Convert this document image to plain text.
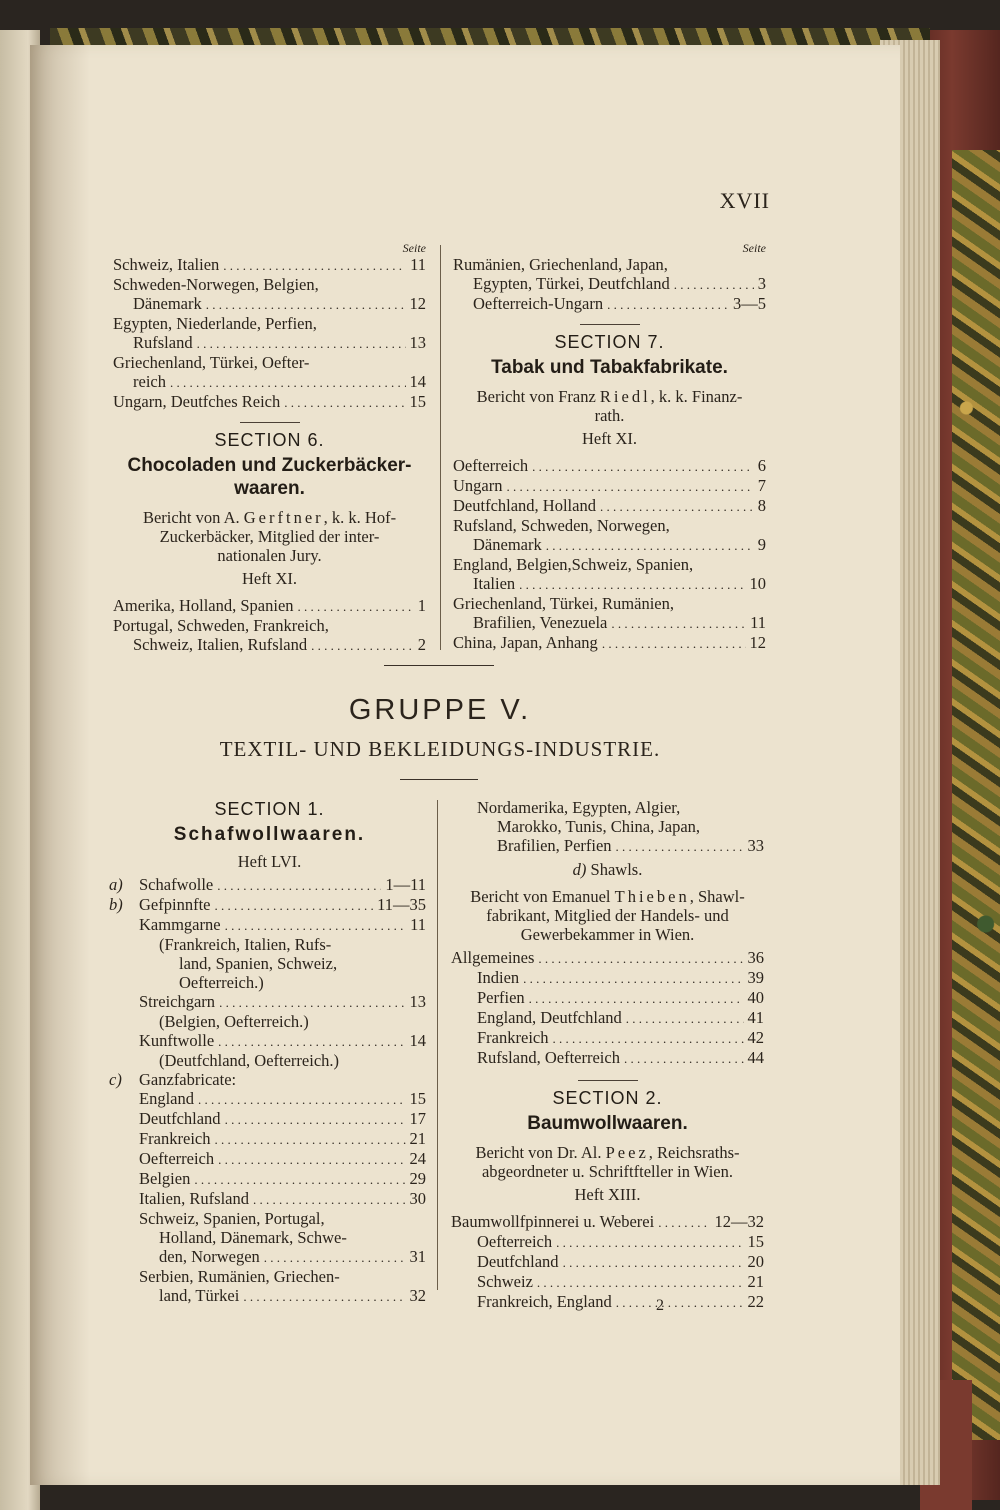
XVII
Seite
Schweiz, Italien . . .	11
Schweden-Norwegen, Belgien,
Dänemark . . .	12
Egypten, Niederlande, Perfien,
Rufsland . . .	13
Griechenland, Türkei, Oefter-
reich . . .	14
Ungarn, Deutfches Reich . . .	15
SECTION 6.
Chocoladen und Zuckerbäcker-
waaren.
Bericht von A. Gerftner, k. k. Hof-
Zuckerbäcker, Mitglied der inter-
nationalen Jury.
Heft XI.
Amerika, Holland, Spanien . . .	1
Portugal, Schweden, Frankreich,
Schweiz, Italien, Rufsland . . .	2
Seite
Rumänien, Griechenland, Japan,
Egypten, Türkei, Deutfchland . . .	3
Oefterreich-Ungarn . . .	3—5
SECTION 7.
Tabak und Tabakfabrikate.
Bericht von Franz Riedl, k. k. Finanz-
rath.
Heft XI.
Oefterreich . . .	6
Ungarn . . .	7
Deutfchland, Holland . . .	8
Rufsland, Schweden, Norwegen,
Dänemark . . .	9
England, Belgien,Schweiz, Spanien,
Italien . . .	10
Griechenland, Türkei, Rumänien,
Brafilien, Venezuela . . .	11
China, Japan, Anhang . . .	12
GRUPPE V.
TEXTIL- UND BEKLEIDUNGS-INDUSTRIE.
SECTION 1.
Schafwollwaaren.
Heft LVI.
a) Schafwolle . . .	1—11
b) Gefpinnfte . . .	11—35
Kammgarne . . .	11
(Frankreich, Italien, Rufs-
land, Spanien, Schweiz,
Oefterreich.)
Streichgarn . . .	13
(Belgien, Oefterreich.)
Kunftwolle . . .	14
(Deutfchland, Oefterreich.)
c) Ganzfabricate:
England . . .	15
Deutfchland . . .	17
Frankreich . . .	21
Oefterreich . . .	24
Belgien . . .	29
Italien, Rufsland . . .	30
Schweiz, Spanien, Portugal,
Holland, Dänemark, Schwe-
den, Norwegen . . .	31
Serbien, Rumänien, Griechen-
land, Türkei . . .	32
Nordamerika, Egypten, Algier,
Marokko, Tunis, China, Japan,
Brafilien, Perfien . . .	33
d) Shawls.
Bericht von Emanuel Thieben, Shawl-
fabrikant, Mitglied der Handels- und
Gewerbekammer in Wien.
Allgemeines . . .	36
Indien . . .	39
Perfien . . .	40
England, Deutfchland . . .	41
Frankreich . . .	42
Rufsland, Oefterreich . . .	44
SECTION 2.
Baumwollwaaren.
Bericht von Dr. Al. Peez, Reichsraths-
abgeordneter u. Schriftfteller in Wien.
Heft XIII.
Baumwollfpinnerei u. Weberei . . .	12—32
Oefterreich . . .	15
Deutfchland . . .	20
Schweiz . . .	21
Frankreich, England . . .	22
2
